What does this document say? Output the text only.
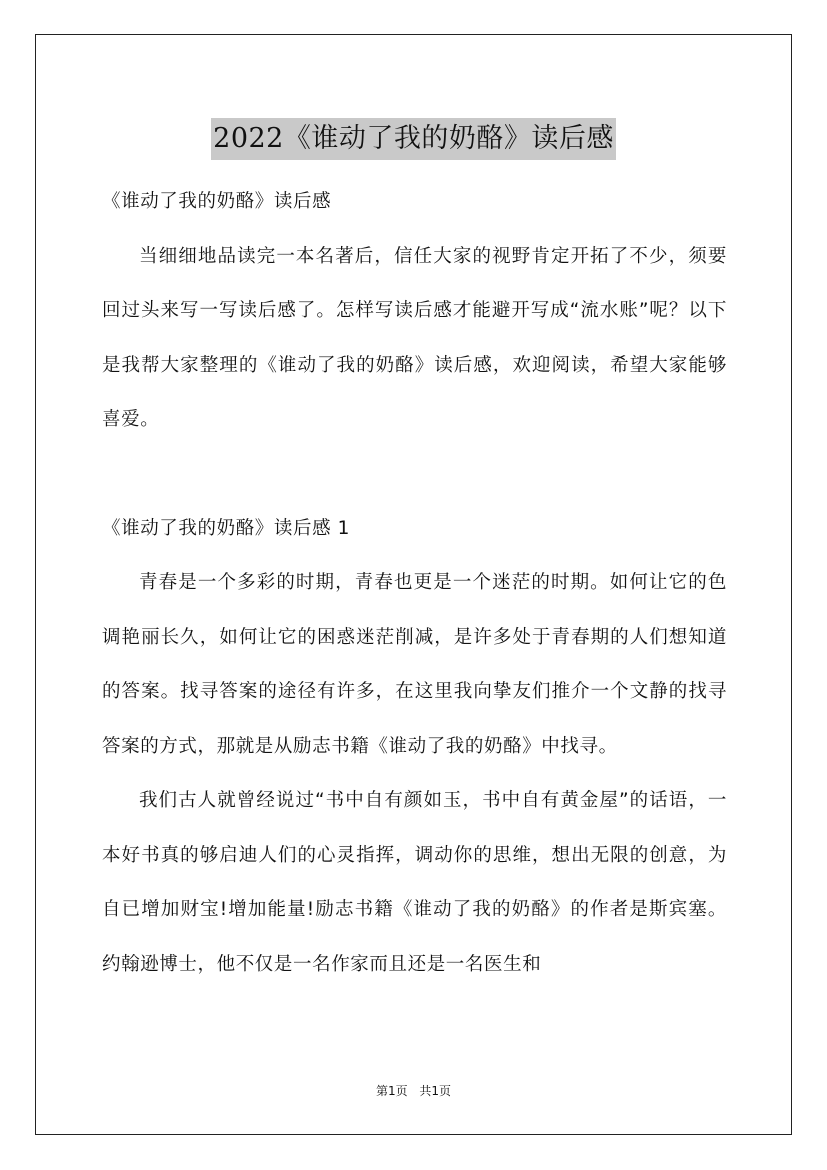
2022《谁动了我的奶酪》读后感

《谁动了我的奶酪》读后感

当细细地品读完一本名著后，信任大家的视野肯定开拓了不少，须要回过头来写一写读后感了。怎样写读后感才能避开写成“流水账”呢？以下是我帮大家整理的《谁动了我的奶酪》读后感，欢迎阅读，希望大家能够喜爱。

《谁动了我的奶酪》读后感 1

青春是一个多彩的时期，青春也更是一个迷茫的时期。如何让它的色调艳丽长久，如何让它的困惑迷茫削减，是许多处于青春期的人们想知道的答案。找寻答案的途径有许多，在这里我向挚友们推介一个文静的找寻答案的方式，那就是从励志书籍《谁动了我的奶酪》中找寻。

我们古人就曾经说过“书中自有颜如玉，书中自有黄金屋”的话语，一本好书真的够启迪人们的心灵指挥，调动你的思维，想出无限的创意，为自已增加财宝!增加能量!励志书籍《谁动了我的奶酪》的作者是斯宾塞。约翰逊博士，他不仅是一名作家而且还是一名医生和

第1页 共1页
